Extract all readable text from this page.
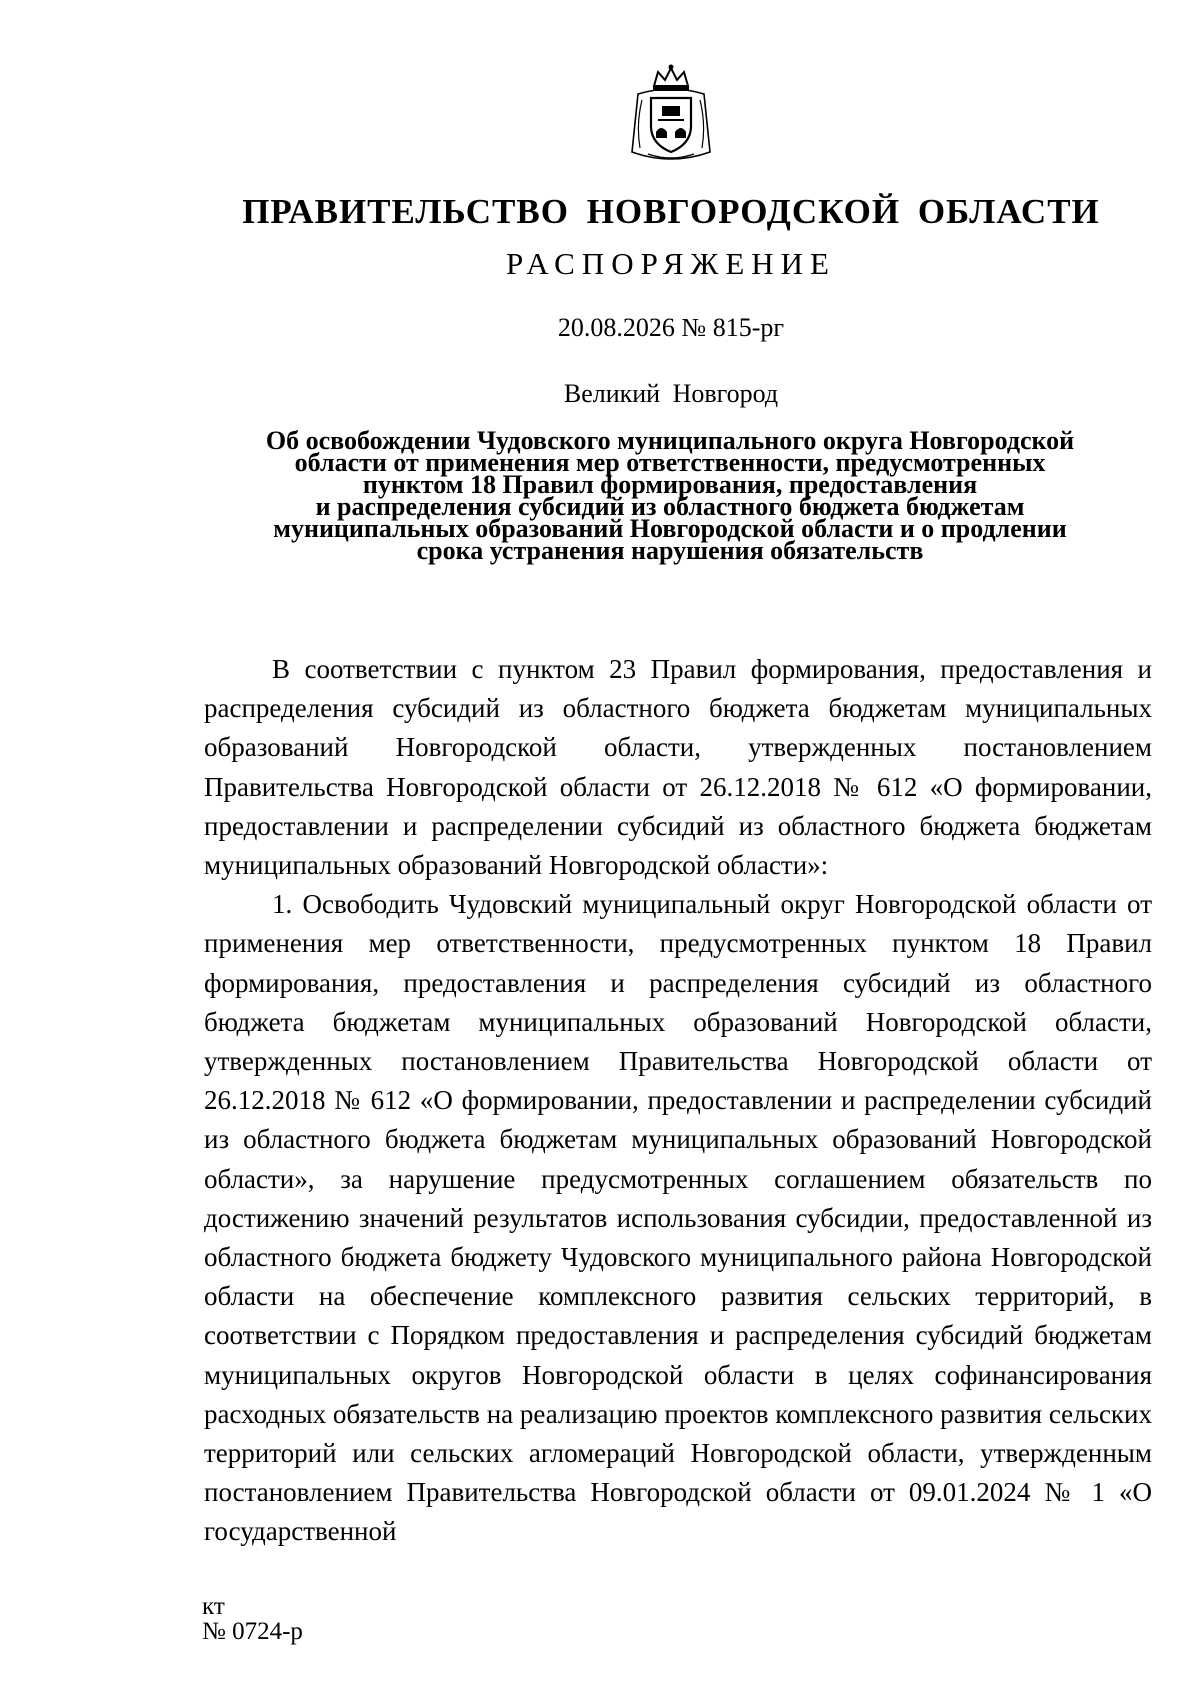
ПРАВИТЕЛЬСТВО НОВГОРОДСКОЙ ОБЛАСТИ
РАСПОРЯЖЕНИЕ
20.08.2026 № 815-рг
Великий Новгород
Об освобождении Чудовского муниципального округа Новгородской
области от применения мер ответственности, предусмотренных
пунктом 18 Правил формирования, предоставления
и распределения субсидий из областного бюджета бюджетам
муниципальных образований Новгородской области и о продлении
срока устранения нарушения обязательств

В соответствии с пунктом 23 Правил формирования, предоставления и распределения субсидий из областного бюджета бюджетам муниципальных образований Новгородской области, утвержденных постановлением Правительства Новгородской области от 26.12.2018 № 612 «О формировании, предоставлении и распределении субсидий из областного бюджета бюджетам муниципальных образований Новгородской области»:

1. Освободить Чудовский муниципальный округ Новгородской области от применения мер ответственности, предусмотренных пунктом 18 Правил формирования, предоставления и распределения субсидий из областного бюджета бюджетам муниципальных образований Новгородской области, утвержденных постановлением Правительства Новгородской области от 26.12.2018 № 612 «О формировании, предоставлении и распределении субсидий из областного бюджета бюджетам муниципальных образований Новгородской области», за нарушение предусмотренных соглашением обязательств по достижению значений результатов использования субсидии, предоставленной из областного бюджета бюджету Чудовского муниципального района Новгородской области на обеспечение комплексного развития сельских территорий, в соответствии с Порядком предоставления и распределения субсидий бюджетам муниципальных округов Новгородской области в целях софинансирования расходных обязательств на реализацию проектов комплексного развития сельских территорий или сельских агломераций Новгородской области, утвержденным постановлением Правительства Новгородской области от 09.01.2024 № 1 «О государственной

кт
№ 0724-р
